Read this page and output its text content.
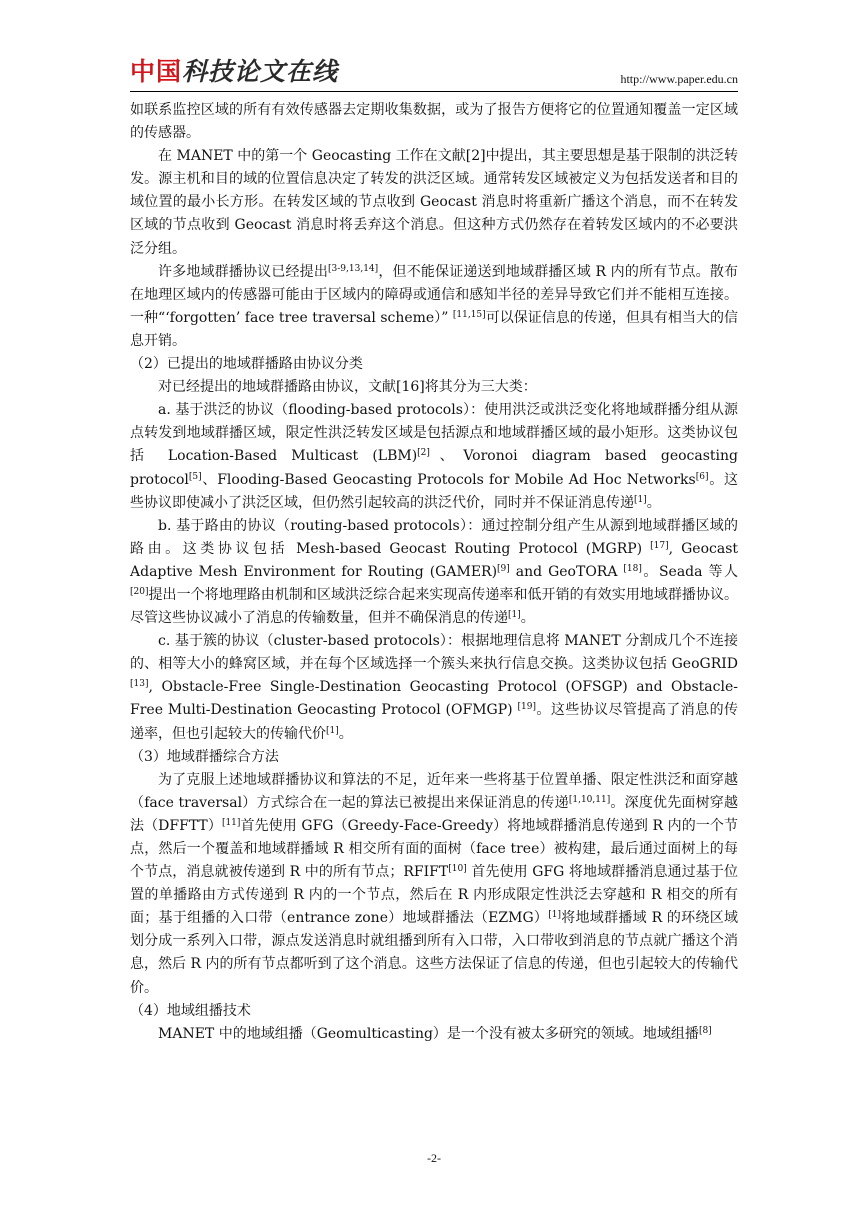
中国科技论文在线	http://www.paper.edu.cn

如联系监控区域的所有有效传感器去定期收集数据，或为了报告方便将它的位置通知覆盖一定区域的传感器。

在 MANET 中的第一个 Geocasting 工作在文献[2]中提出，其主要思想是基于限制的洪泛转发。源主机和目的域的位置信息决定了转发的洪泛区域。通常转发区域被定义为包括发送者和目的域位置的最小长方形。在转发区域的节点收到 Geocast 消息时将重新广播这个消息，而不在转发区域的节点收到 Geocast 消息时将丢弃这个消息。但这种方式仍然存在着转发区域内的不必要洪泛分组。

许多地域群播协议已经提出[3-9,13,14]，但不能保证递送到地域群播区域 R 内的所有节点。散布在地理区域内的传感器可能由于区域内的障碍或通信和感知半径的差异导致它们并不能相互连接。一种“‘forgotten’ face tree traversal scheme）” [11,15]可以保证信息的传递，但具有相当大的信息开销。

（2）已提出的地域群播路由协议分类

对已经提出的地域群播路由协议，文献[16]将其分为三大类：

a. 基于洪泛的协议（flooding-based protocols）：使用洪泛或洪泛变化将地域群播分组从源点转发到地域群播区域，限定性洪泛转发区域是包括源点和地域群播区域的最小矩形。这类协议包括 Location-Based Multicast (LBM)[2]、Voronoi diagram based geocasting protocol[5]、Flooding-Based Geocasting Protocols for Mobile Ad Hoc Networks[6]。这些协议即使减小了洪泛区域，但仍然引起较高的洪泛代价，同时并不保证消息传递[1]。

b. 基于路由的协议（routing-based protocols）：通过控制分组产生从源到地域群播区域的路由。这类协议包括 Mesh-based Geocast Routing Protocol (MGRP) [17], Geocast Adaptive Mesh Environment for Routing (GAMER)[9] and GeoTORA [18]。Seada 等人[20]提出一个将地理路由机制和区域洪泛综合起来实现高传递率和低开销的有效实用地域群播协议。尽管这些协议减小了消息的传输数量，但并不确保消息的传递[1]。

c. 基于簇的协议（cluster-based protocols）：根据地理信息将 MANET 分割成几个不连接的、相等大小的蜂窝区域，并在每个区域选择一个簇头来执行信息交换。这类协议包括 GeoGRID [13], Obstacle-Free Single-Destination Geocasting Protocol (OFSGP) and Obstacle-Free Multi-Destination Geocasting Protocol (OFMGP) [19]。这些协议尽管提高了消息的传递率，但也引起较大的传输代价[1]。

（3）地域群播综合方法

为了克服上述地域群播协议和算法的不足，近年来一些将基于位置单播、限定性洪泛和面穿越（face traversal）方式综合在一起的算法已被提出来保证消息的传递[1,10,11]。深度优先面树穿越法（DFFTT）[11]首先使用 GFG（Greedy-Face-Greedy）将地域群播消息传递到 R 内的一个节点，然后一个覆盖和地域群播域 R 相交所有面的面树（face tree）被构建，最后通过面树上的每个节点，消息就被传递到 R 中的所有节点；RFIFT[10] 首先使用 GFG 将地域群播消息通过基于位置的单播路由方式传递到 R 内的一个节点，然后在 R 内形成限定性洪泛去穿越和 R 相交的所有面；基于组播的入口带（entrance zone）地域群播法（EZMG）[1]将地域群播域 R 的环绕区域划分成一系列入口带，源点发送消息时就组播到所有入口带，入口带收到消息的节点就广播这个消息，然后 R 内的所有节点都听到了这个消息。这些方法保证了信息的传递，但也引起较大的传输代价。

（4）地域组播技术

MANET 中的地域组播（Geomulticasting）是一个没有被太多研究的领域。地域组播[8]

-2-
